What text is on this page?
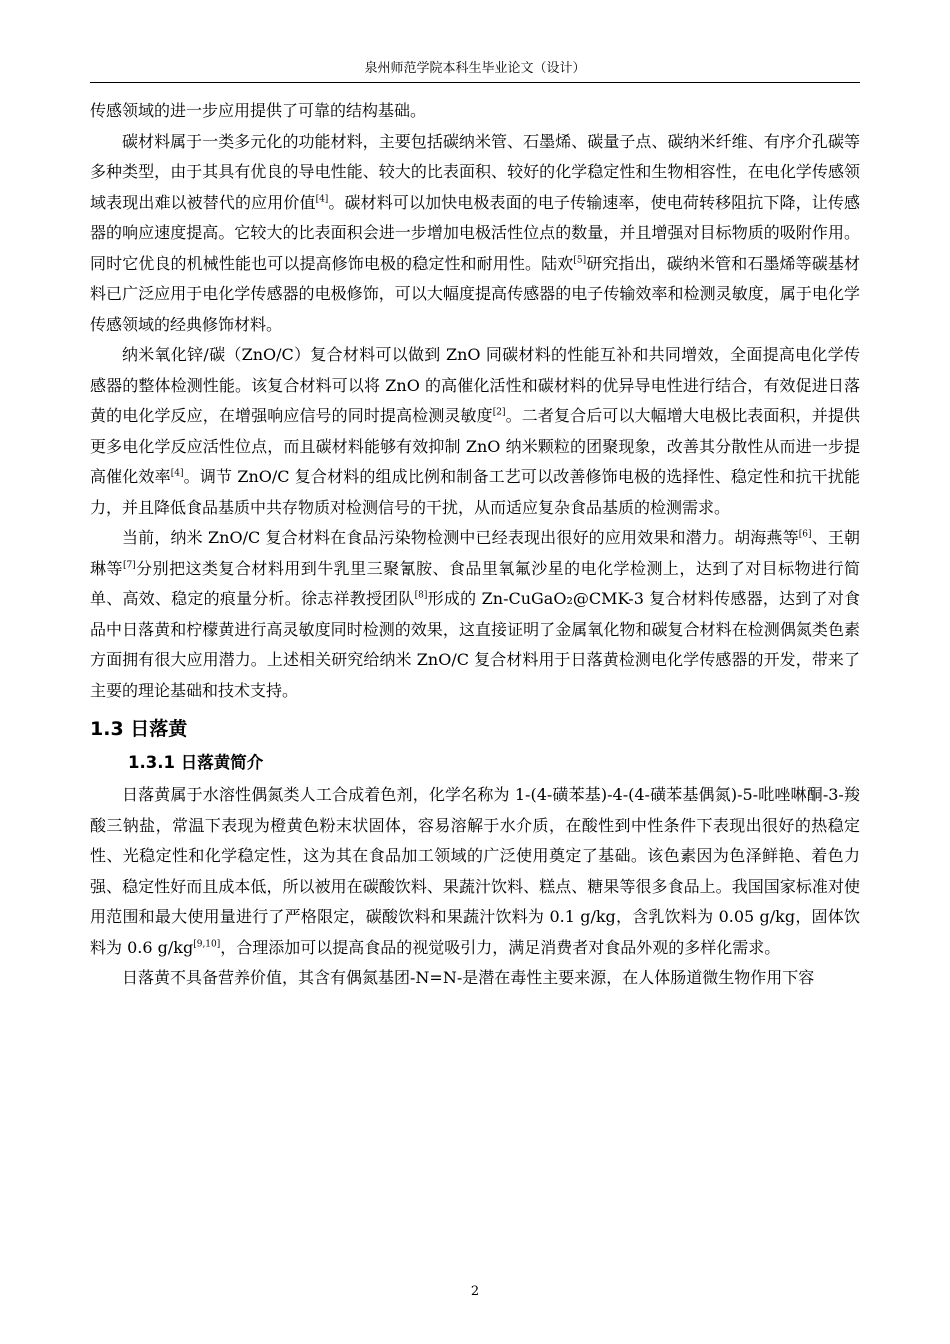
泉州师范学院本科生毕业论文（设计）

传感领域的进一步应用提供了可靠的结构基础。

碳材料属于一类多元化的功能材料，主要包括碳纳米管、石墨烯、碳量子点、碳纳米纤维、有序介孔碳等多种类型，由于其具有优良的导电性能、较大的比表面积、较好的化学稳定性和生物相容性，在电化学传感领域表现出难以被替代的应用价值[4]。碳材料可以加快电极表面的电子传输速率，使电荷转移阻抗下降，让传感器的响应速度提高。它较大的比表面积会进一步增加电极活性位点的数量，并且增强对目标物质的吸附作用。同时它优良的机械性能也可以提高修饰电极的稳定性和耐用性。陆欢[5]研究指出，碳纳米管和石墨烯等碳基材料已广泛应用于电化学传感器的电极修饰，可以大幅度提高传感器的电子传输效率和检测灵敏度，属于电化学传感领域的经典修饰材料。

纳米氧化锌/碳（ZnO/C）复合材料可以做到 ZnO 同碳材料的性能互补和共同增效，全面提高电化学传感器的整体检测性能。该复合材料可以将 ZnO 的高催化活性和碳材料的优异导电性进行结合，有效促进日落黄的电化学反应，在增强响应信号的同时提高检测灵敏度[2]。二者复合后可以大幅增大电极比表面积，并提供更多电化学反应活性位点，而且碳材料能够有效抑制 ZnO 纳米颗粒的团聚现象，改善其分散性从而进一步提高催化效率[4]。调节 ZnO/C 复合材料的组成比例和制备工艺可以改善修饰电极的选择性、稳定性和抗干扰能力，并且降低食品基质中共存物质对检测信号的干扰，从而适应复杂食品基质的检测需求。

当前，纳米 ZnO/C 复合材料在食品污染物检测中已经表现出很好的应用效果和潜力。胡海燕等[6]、王朝琳等[7]分别把这类复合材料用到牛乳里三聚氰胺、食品里氧氟沙星的电化学检测上，达到了对目标物进行简单、高效、稳定的痕量分析。徐志祥教授团队[8]形成的 Zn-CuGaO₂@CMK-3 复合材料传感器，达到了对食品中日落黄和柠檬黄进行高灵敏度同时检测的效果，这直接证明了金属氧化物和碳复合材料在检测偶氮类色素方面拥有很大应用潜力。上述相关研究给纳米 ZnO/C 复合材料用于日落黄检测电化学传感器的开发，带来了主要的理论基础和技术支持。

1.3 日落黄
1.3.1 日落黄简介

日落黄属于水溶性偶氮类人工合成着色剂，化学名称为 1-(4-磺苯基)-4-(4-磺苯基偶氮)-5-吡唑啉酮-3-羧酸三钠盐，常温下表现为橙黄色粉末状固体，容易溶解于水介质，在酸性到中性条件下表现出很好的热稳定性、光稳定性和化学稳定性，这为其在食品加工领域的广泛使用奠定了基础。该色素因为色泽鲜艳、着色力强、稳定性好而且成本低，所以被用在碳酸饮料、果蔬汁饮料、糕点、糖果等很多食品上。我国国家标准对使用范围和最大使用量进行了严格限定，碳酸饮料和果蔬汁饮料为 0.1 g/kg，含乳饮料为 0.05 g/kg，固体饮料为 0.6 g/kg[9,10]，合理添加可以提高食品的视觉吸引力，满足消费者对食品外观的多样化需求。

日落黄不具备营养价值，其含有偶氮基团-N=N-是潜在毒性主要来源，在人体肠道微生物作用下容

2
